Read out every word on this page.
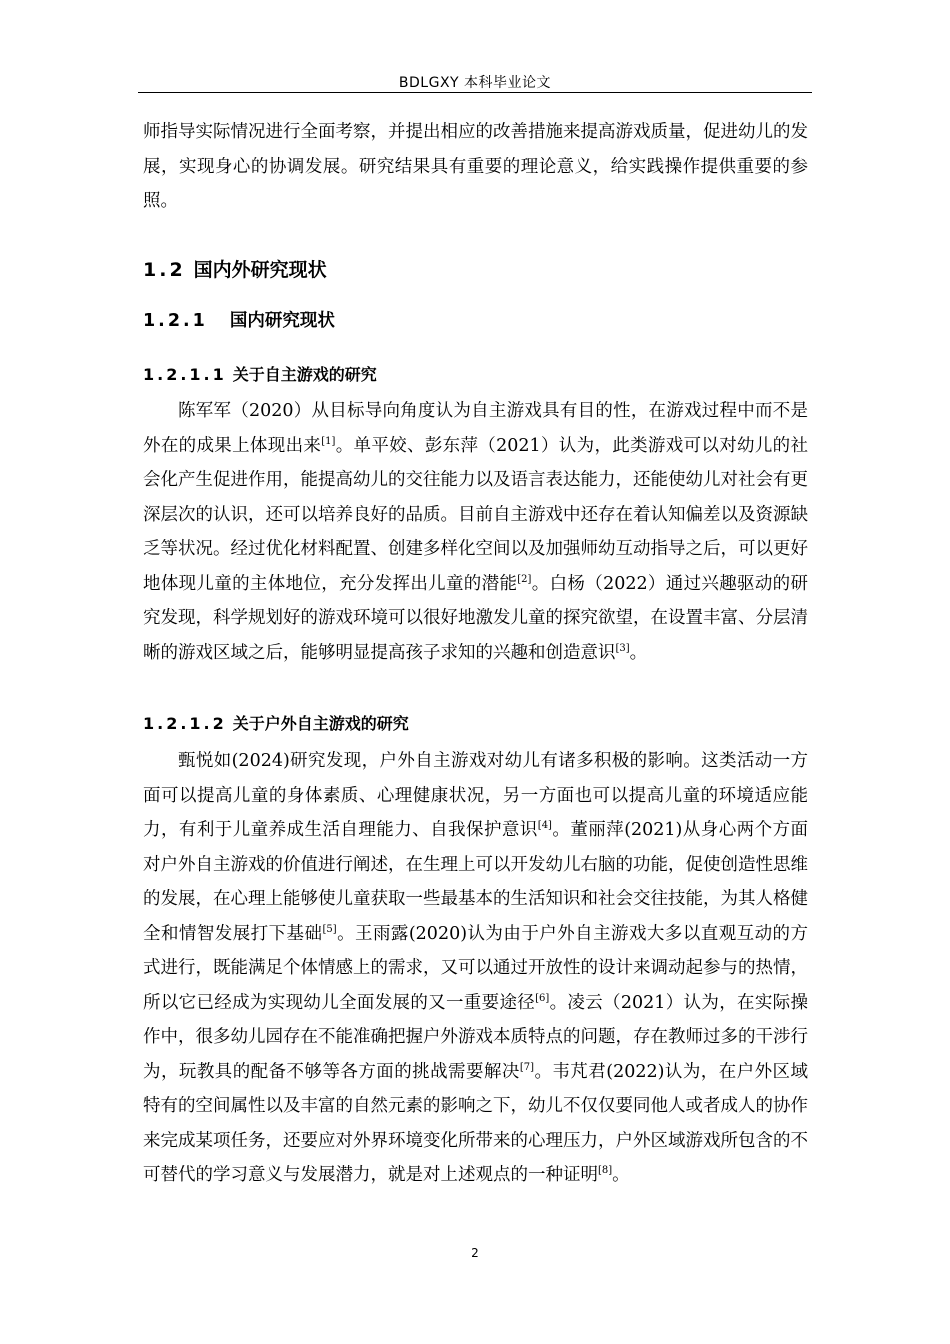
BDLGXY 本科毕业论文

师指导实际情况进行全面考察，并提出相应的改善措施来提高游戏质量，促进幼儿的发展，实现身心的协调发展。研究结果具有重要的理论意义，给实践操作提供重要的参照。

1.2 国内外研究现状
1.2.1 国内研究现状
1.2.1.1 关于自主游戏的研究

陈军军（2020）从目标导向角度认为自主游戏具有目的性，在游戏过程中而不是外在的成果上体现出来[1]。单平姣、彭东萍（2021）认为，此类游戏可以对幼儿的社会化产生促进作用，能提高幼儿的交往能力以及语言表达能力，还能使幼儿对社会有更深层次的认识，还可以培养良好的品质。目前自主游戏中还存在着认知偏差以及资源缺乏等状况。经过优化材料配置、创建多样化空间以及加强师幼互动指导之后，可以更好地体现儿童的主体地位，充分发挥出儿童的潜能[2]。白杨（2022）通过兴趣驱动的研究发现，科学规划好的游戏环境可以很好地激发儿童的探究欲望，在设置丰富、分层清晰的游戏区域之后，能够明显提高孩子求知的兴趣和创造意识[3]。

1.2.1.2 关于户外自主游戏的研究

甄悦如(2024)研究发现，户外自主游戏对幼儿有诸多积极的影响。这类活动一方面可以提高儿童的身体素质、心理健康状况，另一方面也可以提高儿童的环境适应能力，有利于儿童养成生活自理能力、自我保护意识[4]。董丽萍(2021)从身心两个方面对户外自主游戏的价值进行阐述，在生理上可以开发幼儿右脑的功能，促使创造性思维的发展，在心理上能够使儿童获取一些最基本的生活知识和社会交往技能，为其人格健全和情智发展打下基础[5]。王雨露(2020)认为由于户外自主游戏大多以直观互动的方式进行，既能满足个体情感上的需求，又可以通过开放性的设计来调动起参与的热情，所以它已经成为实现幼儿全面发展的又一重要途径[6]。凌云（2021）认为，在实际操作中，很多幼儿园存在不能准确把握户外游戏本质特点的问题，存在教师过多的干涉行为，玩教具的配备不够等各方面的挑战需要解决[7]。韦芃君(2022)认为，在户外区域特有的空间属性以及丰富的自然元素的影响之下，幼儿不仅仅要同他人或者成人的协作来完成某项任务，还要应对外界环境变化所带来的心理压力，户外区域游戏所包含的不可替代的学习意义与发展潜力，就是对上述观点的一种证明[8]。

2
